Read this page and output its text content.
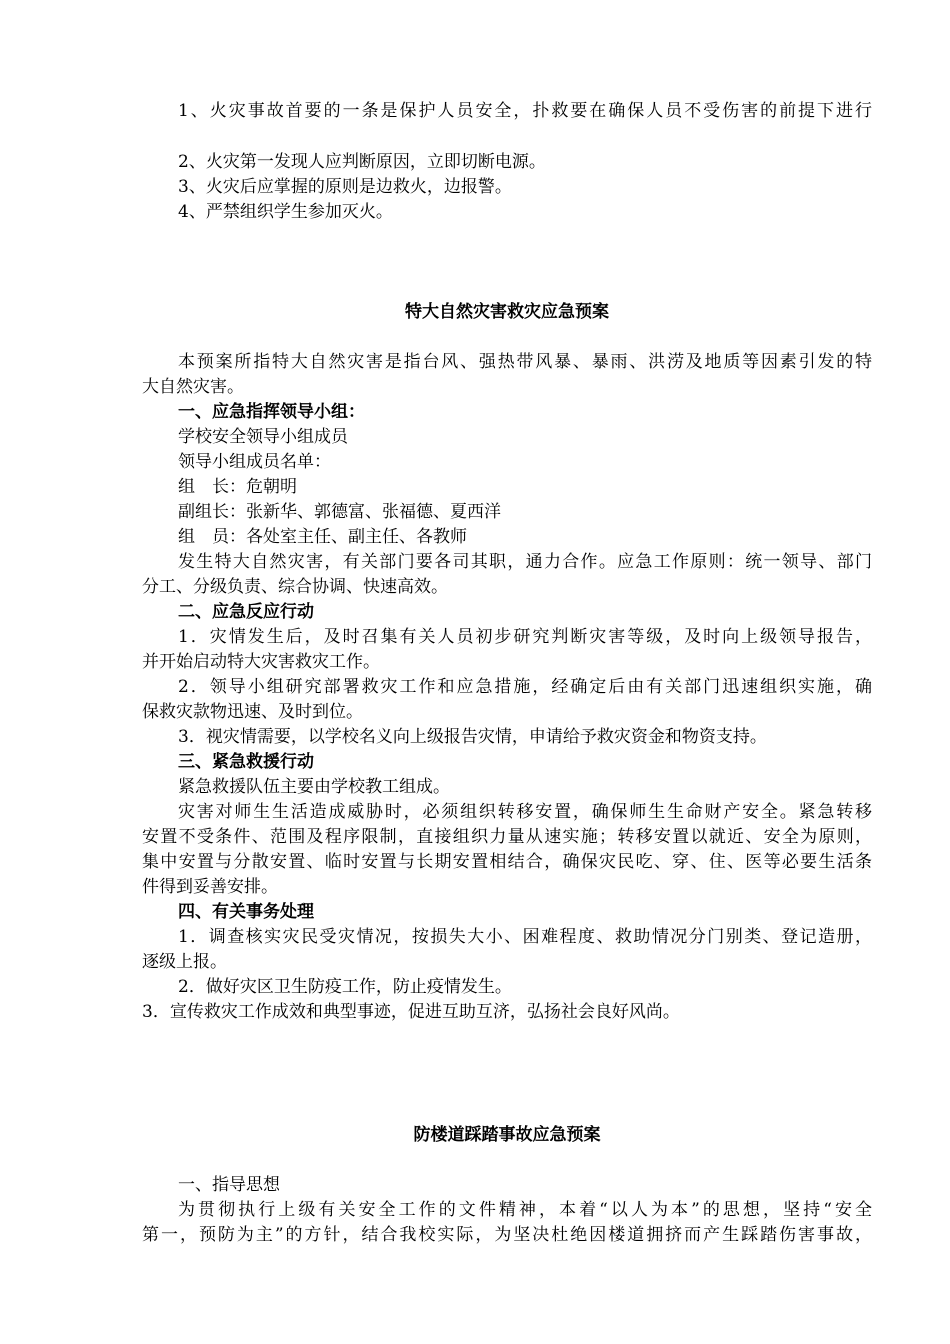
1、火灾事故首要的一条是保护人员安全，扑救要在确保人员不受伤害的前提下进行

2、火灾第一发现人应判断原因，立即切断电源。

3、火灾后应掌握的原则是边救火，边报警。

4、严禁组织学生参加灭火。

特大自然灾害救灾应急预案

本预案所指特大自然灾害是指台风、强热带风暴、暴雨、洪涝及地质等因素引发的特

大自然灾害。

一、应急指挥领导小组：

学校安全领导小组成员

领导小组成员名单：

组　长：危朝明

副组长：张新华、郭德富、张福德、夏西洋

组　员：各处室主任、副主任、各教师

发生特大自然灾害，有关部门要各司其职，通力合作。应急工作原则：统一领导、部门

分工、分级负责、综合协调、快速高效。

二、应急反应行动

1．灾情发生后，及时召集有关人员初步研究判断灾害等级，及时向上级领导报告，

并开始启动特大灾害救灾工作。

2．领导小组研究部署救灾工作和应急措施，经确定后由有关部门迅速组织实施，确

保救灾款物迅速、及时到位。

3．视灾情需要，以学校名义向上级报告灾情，申请给予救灾资金和物资支持。

三、紧急救援行动

紧急救援队伍主要由学校教工组成。

灾害对师生生活造成威胁时，必须组织转移安置，确保师生生命财产安全。紧急转移

安置不受条件、范围及程序限制，直接组织力量从速实施；转移安置以就近、安全为原则，

集中安置与分散安置、临时安置与长期安置相结合，确保灾民吃、穿、住、医等必要生活条

件得到妥善安排。

四、有关事务处理

1．调查核实灾民受灾情况，按损失大小、困难程度、救助情况分门别类、登记造册，

逐级上报。

2．做好灾区卫生防疫工作，防止疫情发生。

3．宣传救灾工作成效和典型事迹，促进互助互济，弘扬社会良好风尚。

防楼道踩踏事故应急预案

一、指导思想

为贯彻执行上级有关安全工作的文件精神，本着“以人为本”的思想，坚持“安全

第一，预防为主”的方针，结合我校实际，为坚决杜绝因楼道拥挤而产生踩踏伤害事故，
